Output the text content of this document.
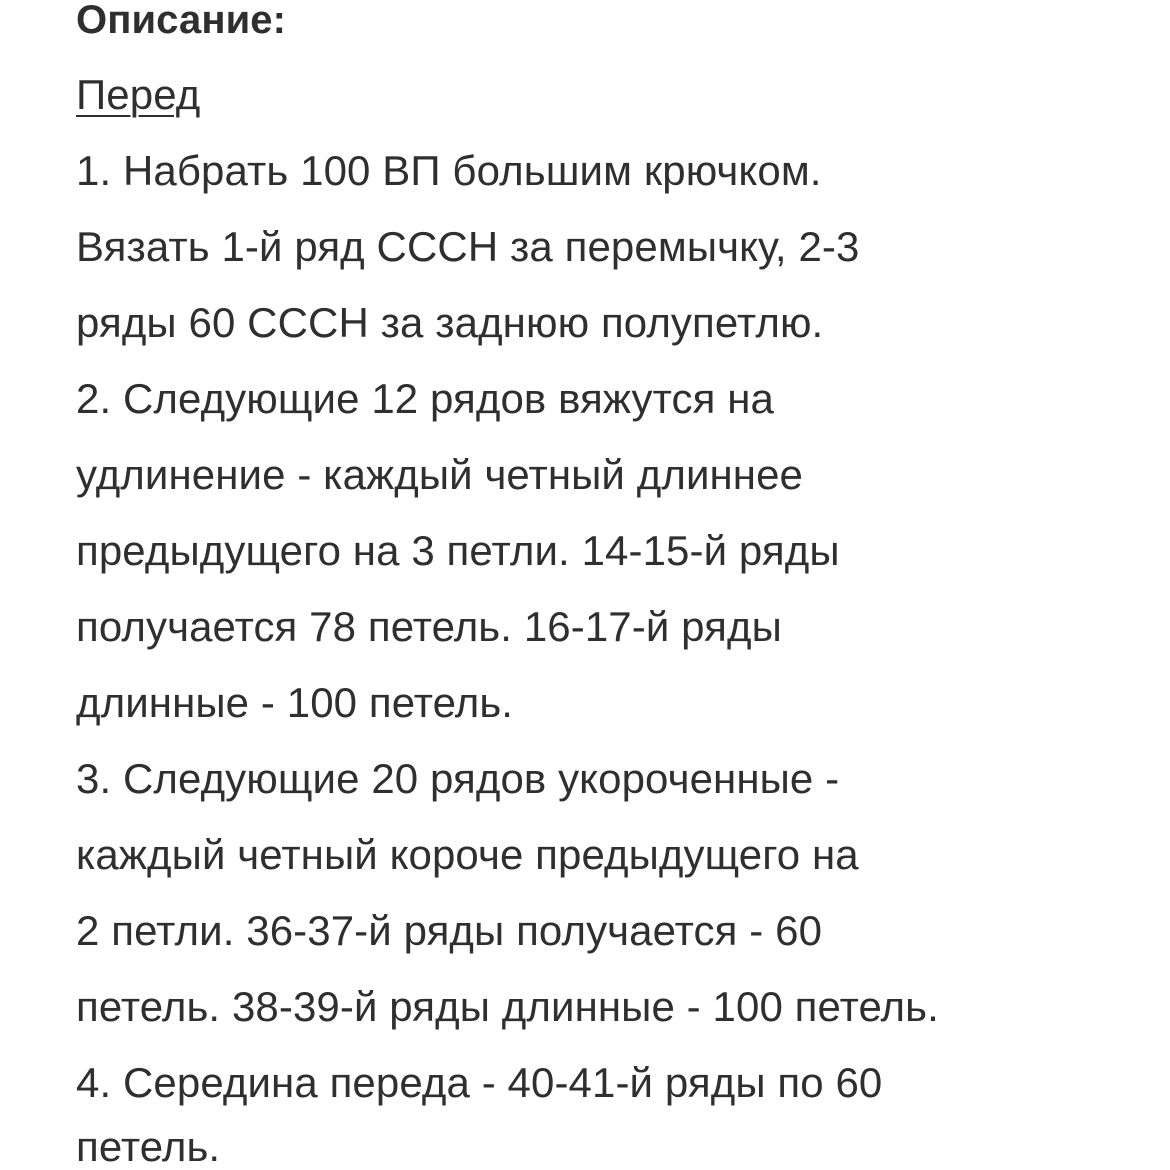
Описание:
Перед
1. Набрать 100 ВП большим крючком.
Вязать 1-й ряд СССН за перемычку, 2-3
ряды 60 СССН за заднюю полупетлю.
2. Следующие 12 рядов вяжутся на
удлинение - каждый четный длиннее
предыдущего на 3 петли. 14-15-й ряды
получается 78 петель. 16-17-й ряды
длинные - 100 петель.
3. Следующие 20 рядов укороченные -
каждый четный короче предыдущего на
2 петли. 36-37-й ряды получается - 60
петель. 38-39-й ряды длинные - 100 петель.
4. Середина переда - 40-41-й ряды по 60
петель.
